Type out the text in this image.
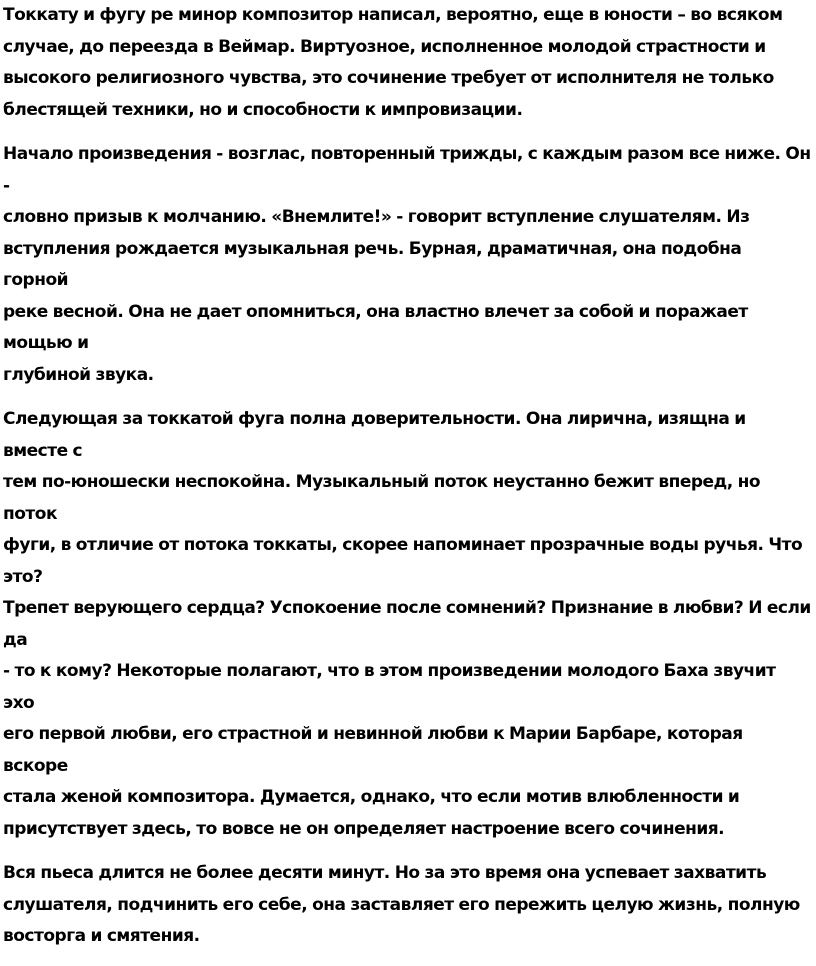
Токкату и фугу ре минор композитор написал, вероятно, еще в юности – во всяком
случае, до переезда в Веймар. Виртуозное, исполненное молодой страстности и
высокого религиозного чувства, это сочинение требует от исполнителя не только
блестящей техники, но и способности к импровизации.

Начало произведения - возглас, повторенный трижды, с каждым разом все ниже. Он -
словно призыв к молчанию. «Внемлите!» - говорит вступление слушателям. Из
вступления рождается музыкальная речь. Бурная, драматичная, она подобна горной
реке весной. Она не дает опомниться, она властно влечет за собой и поражает мощью и
глубиной звука.

Следующая за токкатой фуга полна доверительности. Она лирична, изящна и вместе с
тем по-юношески неспокойна. Музыкальный поток неустанно бежит вперед, но поток
фуги, в отличие от потока токкаты, скорее напоминает прозрачные воды ручья. Что это?
Трепет верующего сердца? Успокоение после сомнений? Признание в любви? И если да
- то к кому? Некоторые полагают, что в этом произведении молодого Баха звучит эхо
его первой любви, его страстной и невинной любви к Марии Барбаре, которая вскоре
стала женой композитора. Думается, однако, что если мотив влюбленности и
присутствует здесь, то вовсе не он определяет настроение всего сочинения.

Вся пьеса длится не более десяти минут. Но за это время она успевает захватить
слушателя, подчинить его себе, она заставляет его пережить целую жизнь, полную
восторга и смятения.
